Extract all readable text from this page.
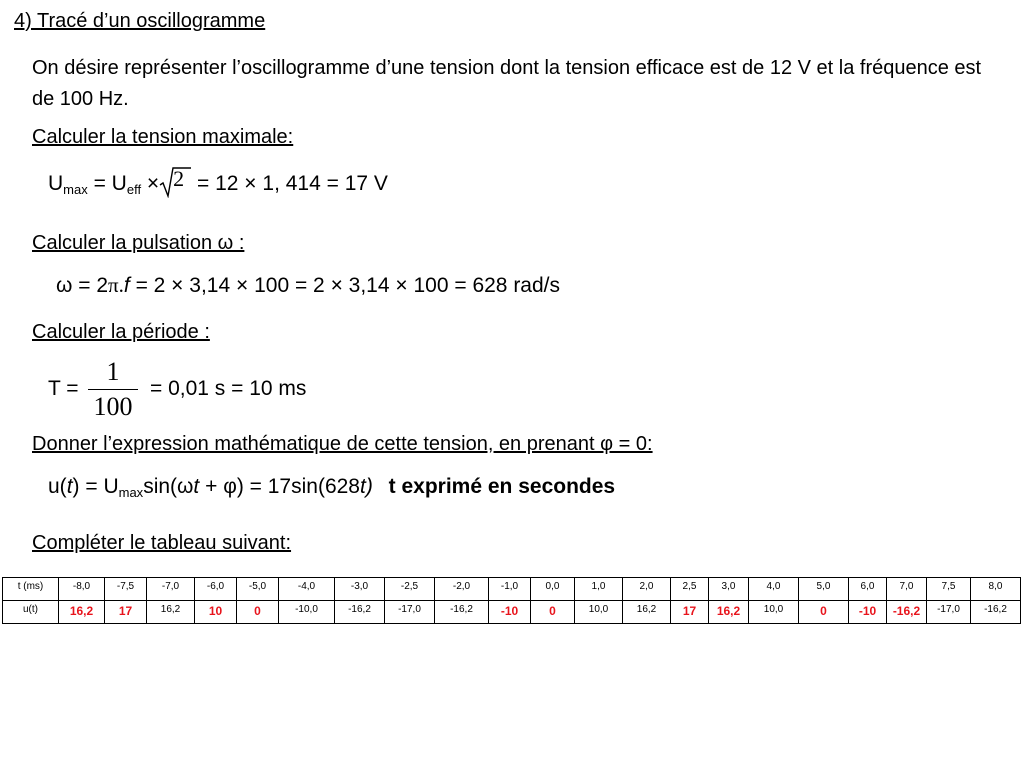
4) Tracé d’un oscillogramme
On désire représenter l’oscillogramme d’une tension dont la tension efficace est de 12 V et la fréquence est de 100 Hz.
Calculer la tension maximale:
$U_{max} = U_{eff} \times 2 = 12 \times 1$, 414 = 17 V
Calculer la pulsation ω :
ω = 2π.f = 2 × 3,14 × 100 = 2 × 3,14 × 100 = 628 rad/s
Calculer la période :
T =
1
100
= 0,01 s = 10 ms
Donner l’expression mathématique de cette tension, en prenant φ = 0:
$u(t) = U_{max}\sin(\omega t + \varphi) = 17\sin(628t)$ t exprimé en secondes
Compléter le tableau suivant:
t (ms)	-8,0	-7,5	-7,0	-6,0	-5,0	-4,0	-3,0	-2,5	-2,0	-1,0	0,0	1,0	2,0	2,5	3,0	4,0	5,0	6,0	7,0	7,5	8,0
u(t)	16,2	17	16,2	10	0	-10,0	-16,2	-17,0	-16,2	-10	0	10,0	16,2	17	16,2	10,0	0	-10	-16,2	-17,0	-16,2
